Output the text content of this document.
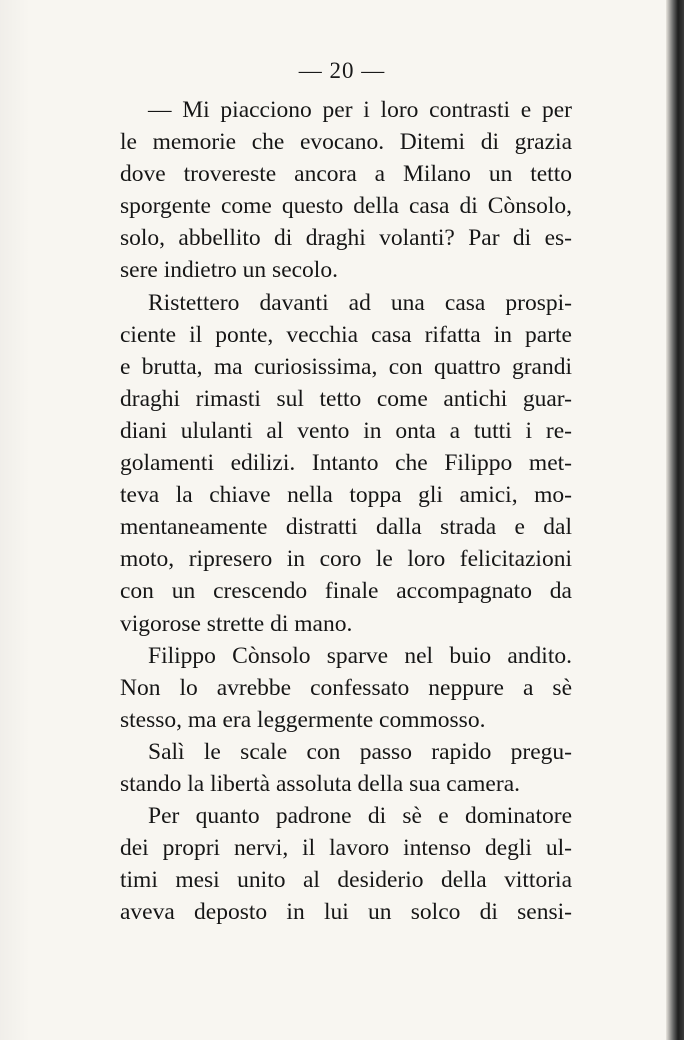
— 20 —
— Mi piacciono per i loro contrasti e per
le memorie che evocano. Ditemi di grazia
dove trovereste ancora a Milano un tetto
sporgente come questo della casa di Cònsolo,
solo, abbellito di draghi volanti? Par di es-
sere indietro un secolo.
Ristettero davanti ad una casa prospi-
ciente il ponte, vecchia casa rifatta in parte
e brutta, ma curiosissima, con quattro grandi
draghi rimasti sul tetto come antichi guar-
diani ululanti al vento in onta a tutti i re-
golamenti edilizi. Intanto che Filippo met-
teva la chiave nella toppa gli amici, mo-
mentaneamente distratti dalla strada e dal
moto, ripresero in coro le loro felicitazioni
con un crescendo finale accompagnato da
vigorose strette di mano.
Filippo Cònsolo sparve nel buio andito.
Non lo avrebbe confessato neppure a sè
stesso, ma era leggermente commosso.
Salì le scale con passo rapido pregu-
stando la libertà assoluta della sua camera.
Per quanto padrone di sè e dominatore
dei propri nervi, il lavoro intenso degli ul-
timi mesi unito al desiderio della vittoria
aveva deposto in lui un solco di sensi-
